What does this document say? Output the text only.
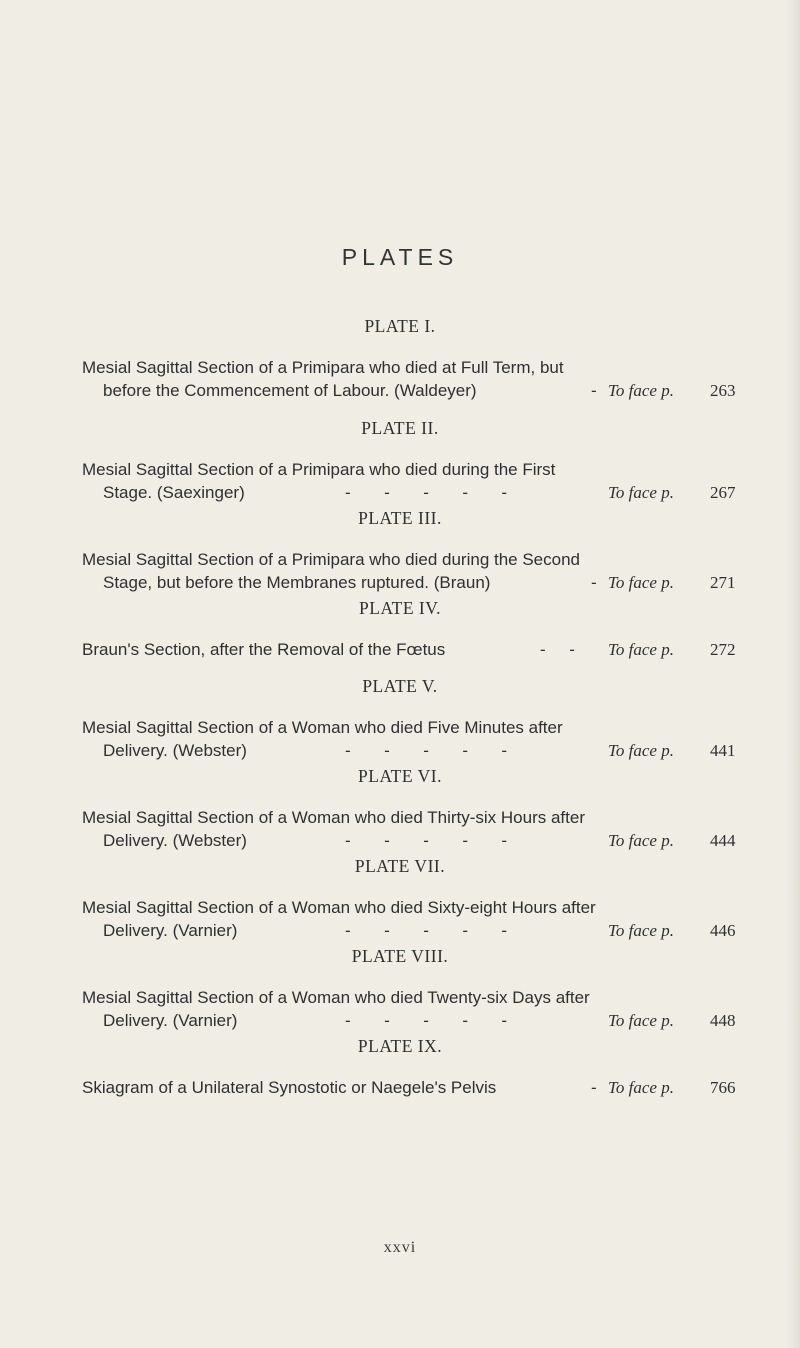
PLATES
PLATE I.
Mesial Sagittal Section of a Primipara who died at Full Term, but
before the Commencement of Labour. (Waldeyer)	- To face p. 263
PLATE II.
Mesial Sagittal Section of a Primipara who died during the First
Stage. (Saexinger)	-  -  -  -  -	To face p. 267
PLATE III.
Mesial Sagittal Section of a Primipara who died during the Second
Stage, but before the Membranes ruptured. (Braun)	- To face p. 271
PLATE IV.
Braun's Section, after the Removal of the Fœtus	-     - To face p. 272
PLATE V.
Mesial Sagittal Section of a Woman who died Five Minutes after
Delivery. (Webster)	-  -  -  -  -	To face p. 441
PLATE VI.
Mesial Sagittal Section of a Woman who died Thirty-six Hours after
Delivery. (Webster)	-  -  -  -  -	To face p. 444
PLATE VII.
Mesial Sagittal Section of a Woman who died Sixty-eight Hours after
Delivery. (Varnier)	-  -  -  -  -	To face p. 446
PLATE VIII.
Mesial Sagittal Section of a Woman who died Twenty-six Days after
Delivery. (Varnier)	-  -  -  -  -	To face p. 448
PLATE IX.
Skiagram of a Unilateral Synostotic or Naegele's Pelvis	- To face p. 766
xxvi
